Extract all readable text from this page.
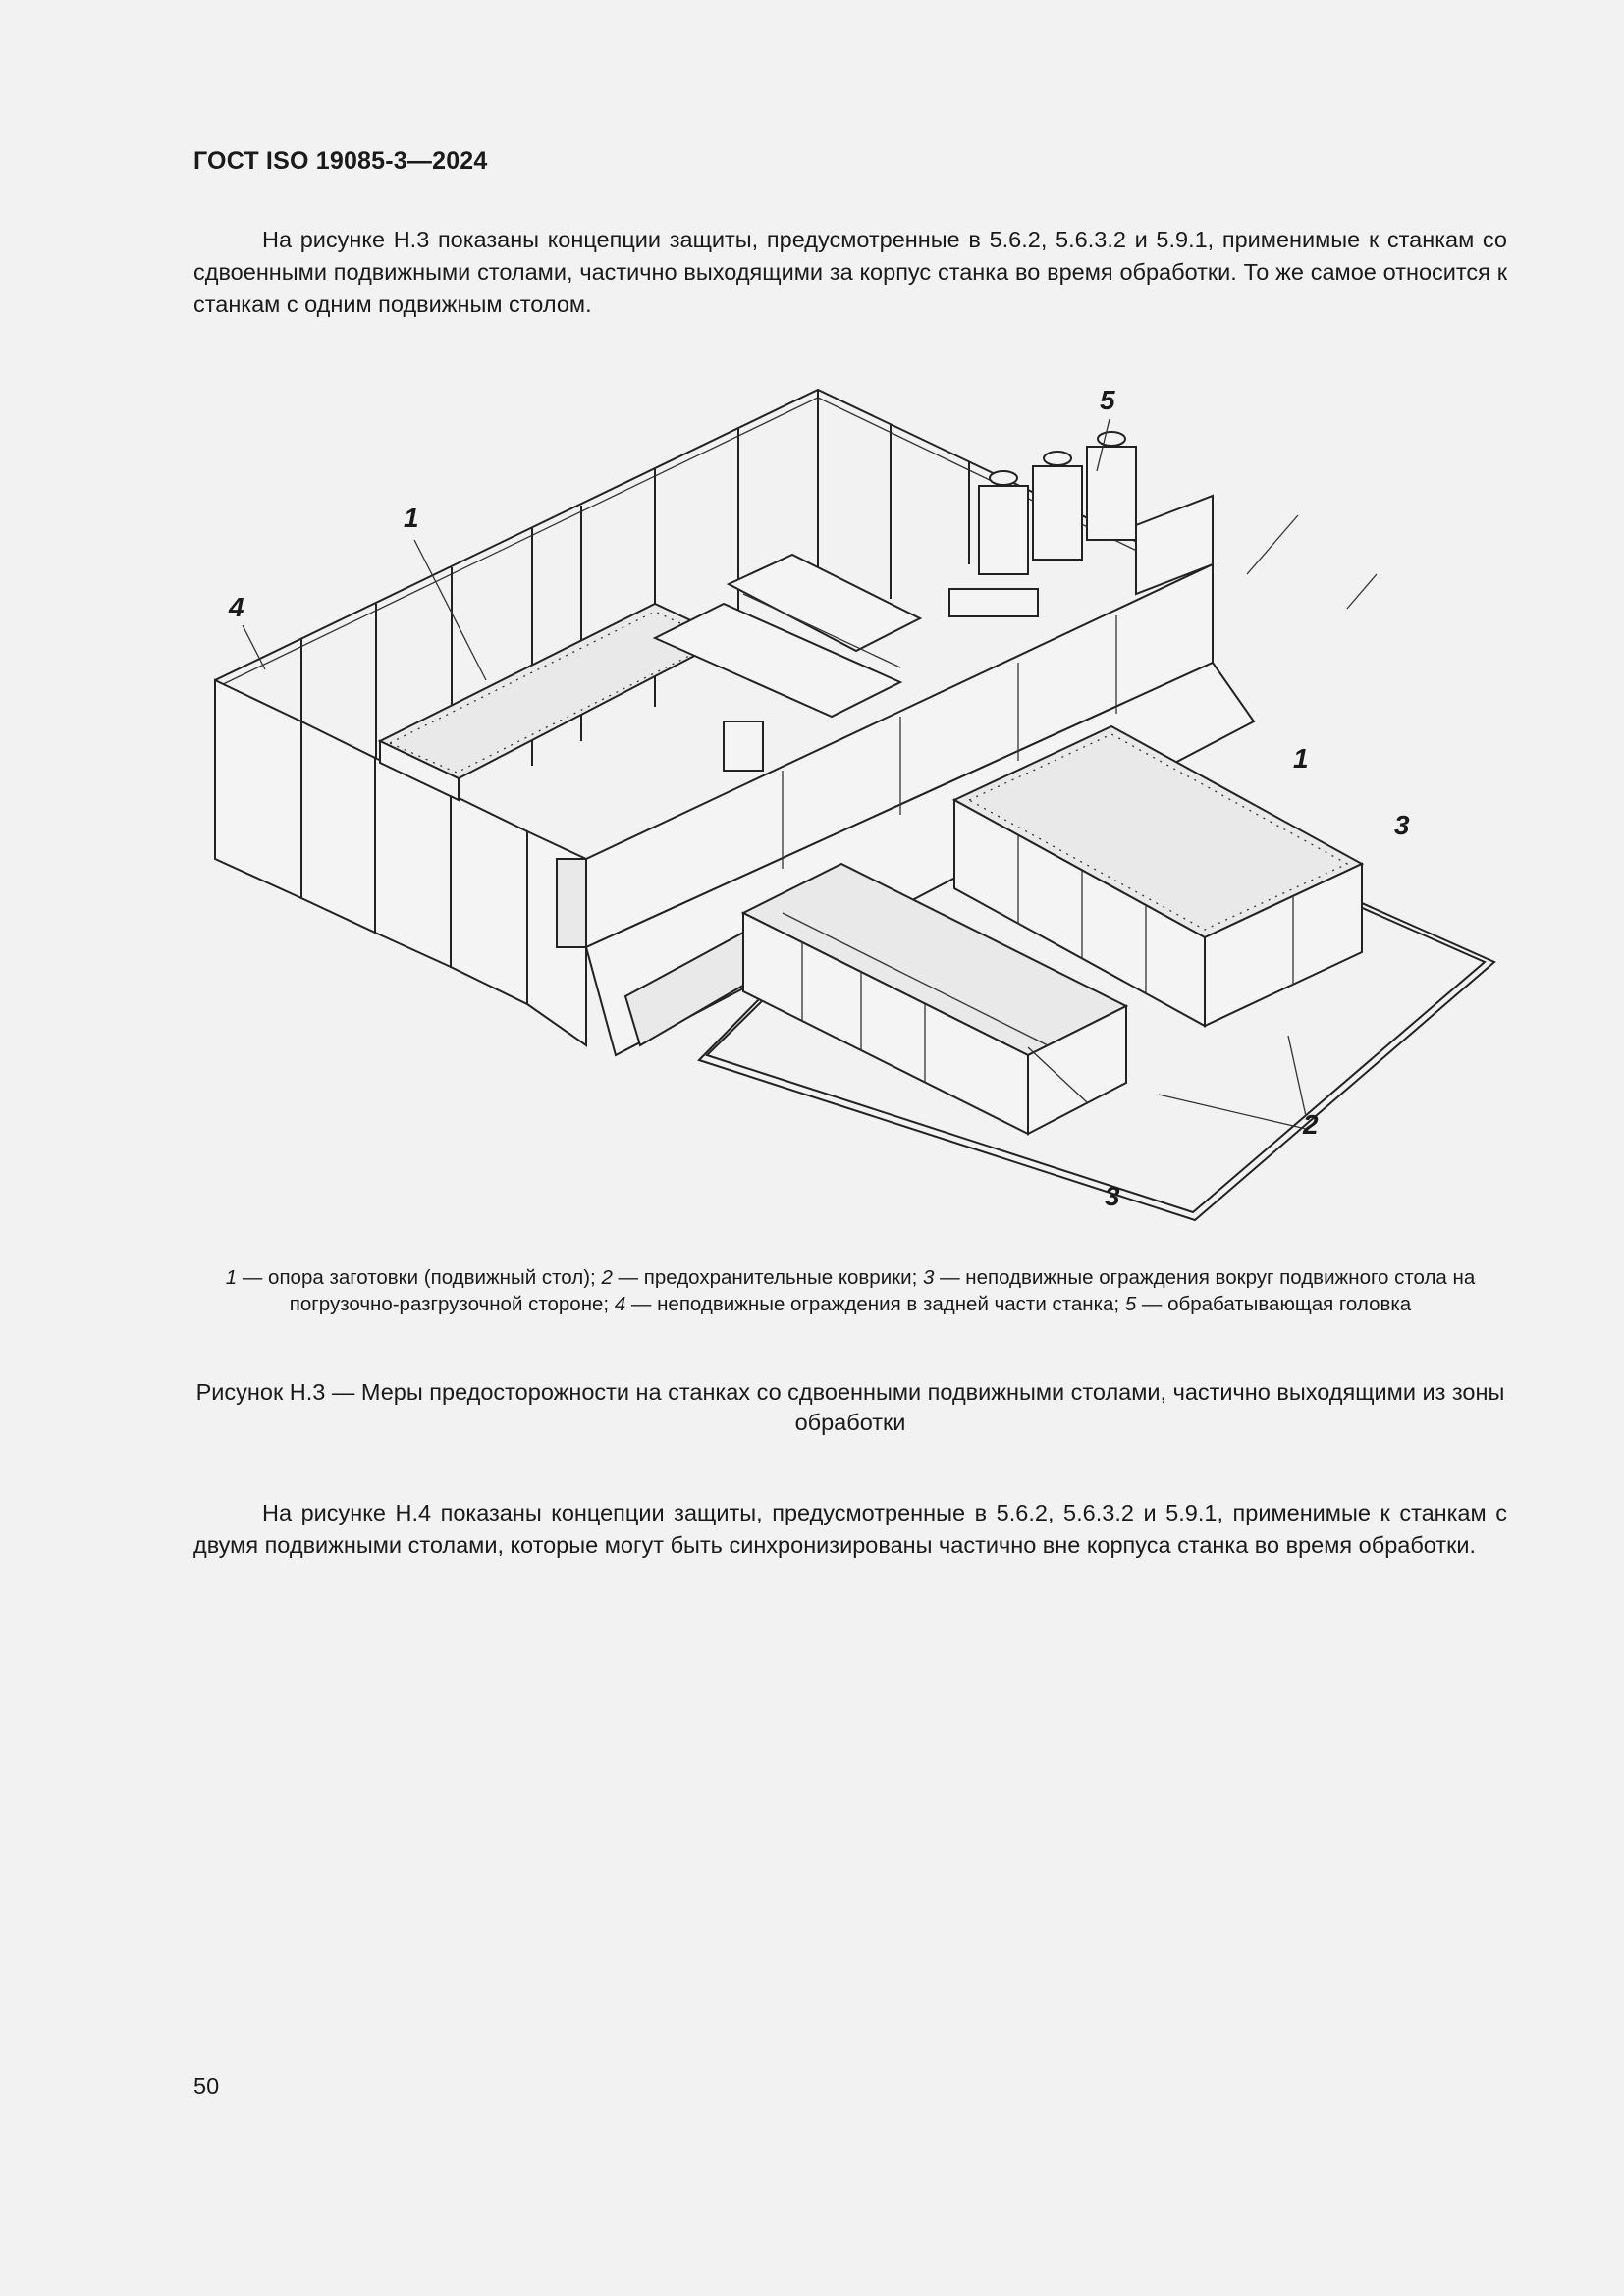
ГОСТ ISO 19085-3—2024

На рисунке H.3 показаны концепции защиты, предусмотренные в 5.6.2, 5.6.3.2 и 5.9.1, применимые к станкам со сдвоенными подвижными столами, частично выходящими за корпус станка во время обработки. То же самое относится к станкам с одним подвижным столом.

1
1
2
3
3
4
5
1 — опора заготовки (подвижный стол); 2 — предохранительные коврики; 3 — неподвижные ограждения вокруг подвижного стола на погрузочно-разгрузочной стороне; 4 — неподвижные ограждения в задней части станка; 5 — обрабатывающая головка
Рисунок H.3 — Меры предосторожности на станках со сдвоенными подвижными столами, частично выходящими из зоны обработки

На рисунке H.4 показаны концепции защиты, предусмотренные в 5.6.2, 5.6.3.2 и 5.9.1, применимые к станкам с двумя подвижными столами, которые могут быть синхронизированы частично вне корпуса станка во время обработки.

50
